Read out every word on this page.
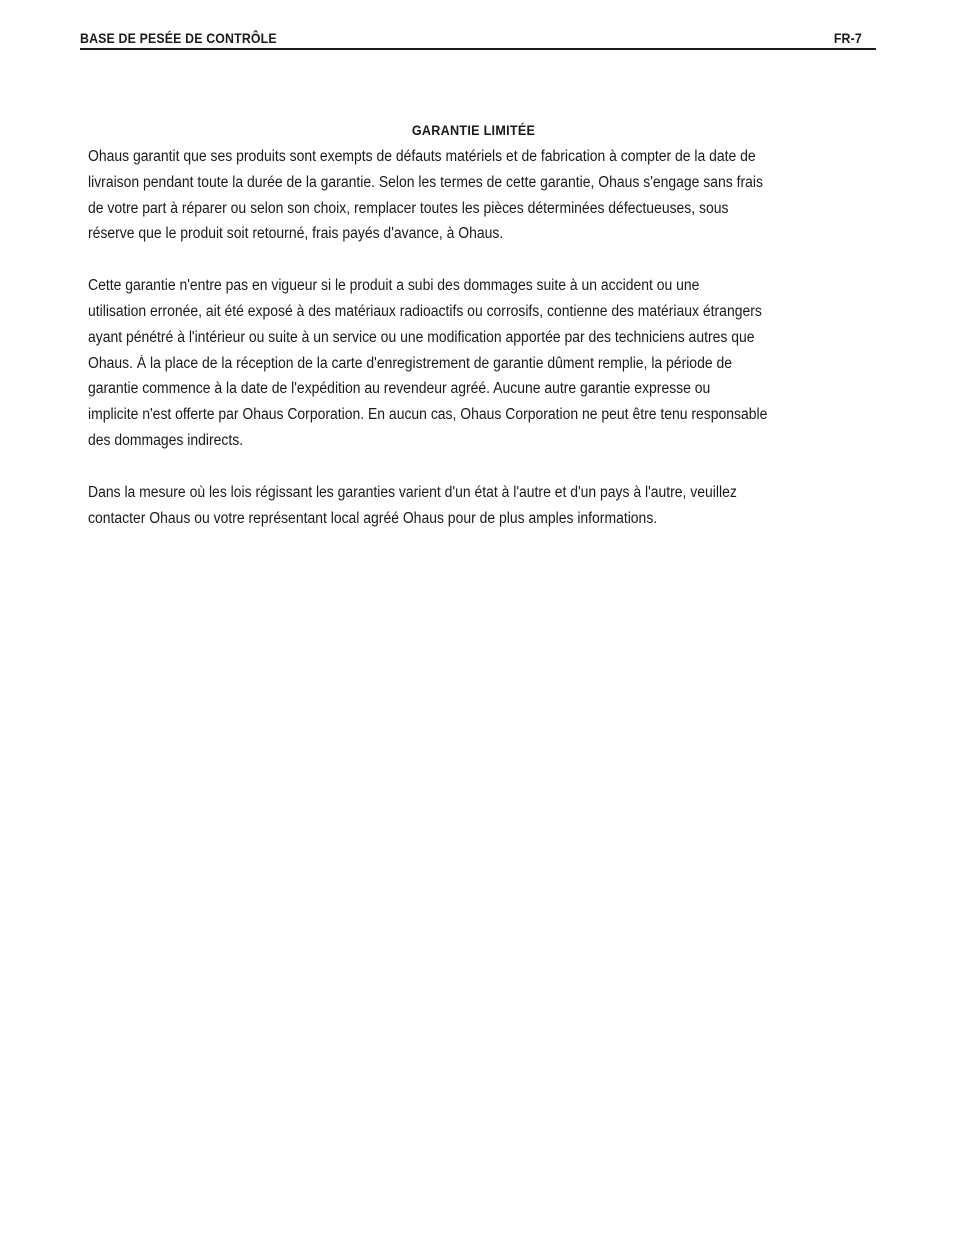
BASE DE PESÉE DE CONTRÔLE	FR-7
GARANTIE LIMITÉE
Ohaus garantit que ses produits sont exempts de défauts matériels et de fabrication à compter de la date de
livraison pendant toute la durée de la garantie. Selon les termes de cette garantie, Ohaus s'engage sans frais
de votre part à réparer ou selon son choix, remplacer toutes les pièces déterminées défectueuses, sous
réserve que le produit soit retourné, frais payés d'avance, à Ohaus.
Cette garantie n'entre pas en vigueur si le produit a subi des dommages suite à un accident ou une
utilisation erronée, ait été exposé à des matériaux radioactifs ou corrosifs, contienne des matériaux étrangers
ayant pénétré à l'intérieur ou suite à un service ou une modification apportée par des techniciens autres que
Ohaus. À la place de la réception de la carte d'enregistrement de garantie dûment remplie, la période de
garantie commence à la date de l'expédition au revendeur agréé. Aucune autre garantie expresse ou
implicite n'est offerte par Ohaus Corporation. En aucun cas, Ohaus Corporation ne peut être tenu responsable
des dommages indirects.
Dans la mesure où les lois régissant les garanties varient d'un état à l'autre et d'un pays à l'autre, veuillez
contacter Ohaus ou votre représentant local agréé Ohaus pour de plus amples informations.
